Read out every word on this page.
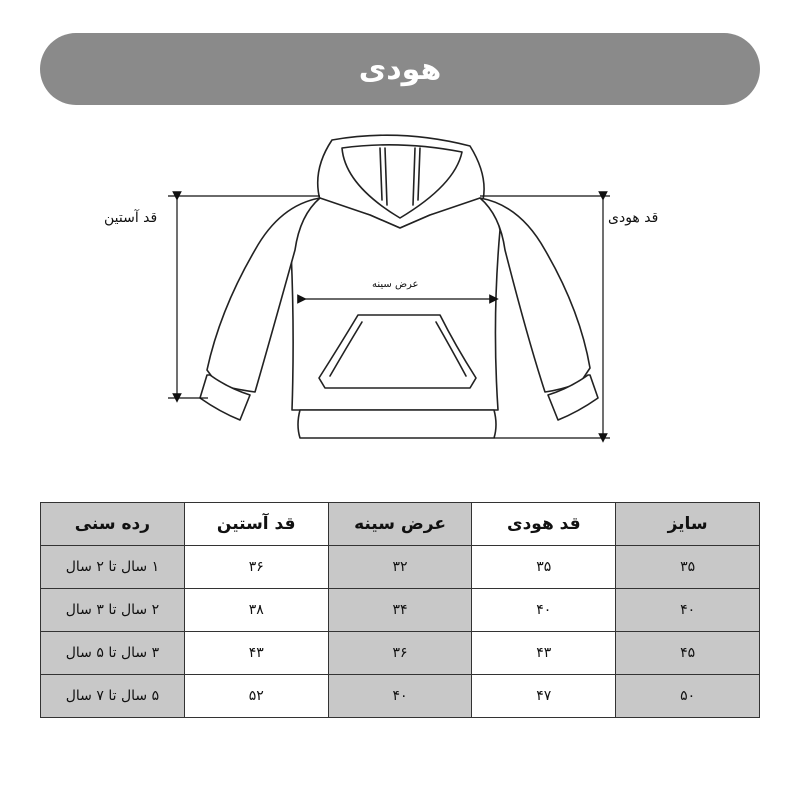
هودی
قد آستین	قد هودی
عرض سینه
سایز	قد هودی	عرض سینه	قد آستین	رده سنی
۳۵	۳۵	۳۲	۳۶	۱ سال تا ۲ سال
۴۰	۴۰	۳۴	۳۸	۲ سال تا ۳ سال
۴۵	۴۳	۳۶	۴۳	۳ سال تا ۵ سال
۵۰	۴۷	۴۰	۵۲	۵ سال تا ۷ سال
